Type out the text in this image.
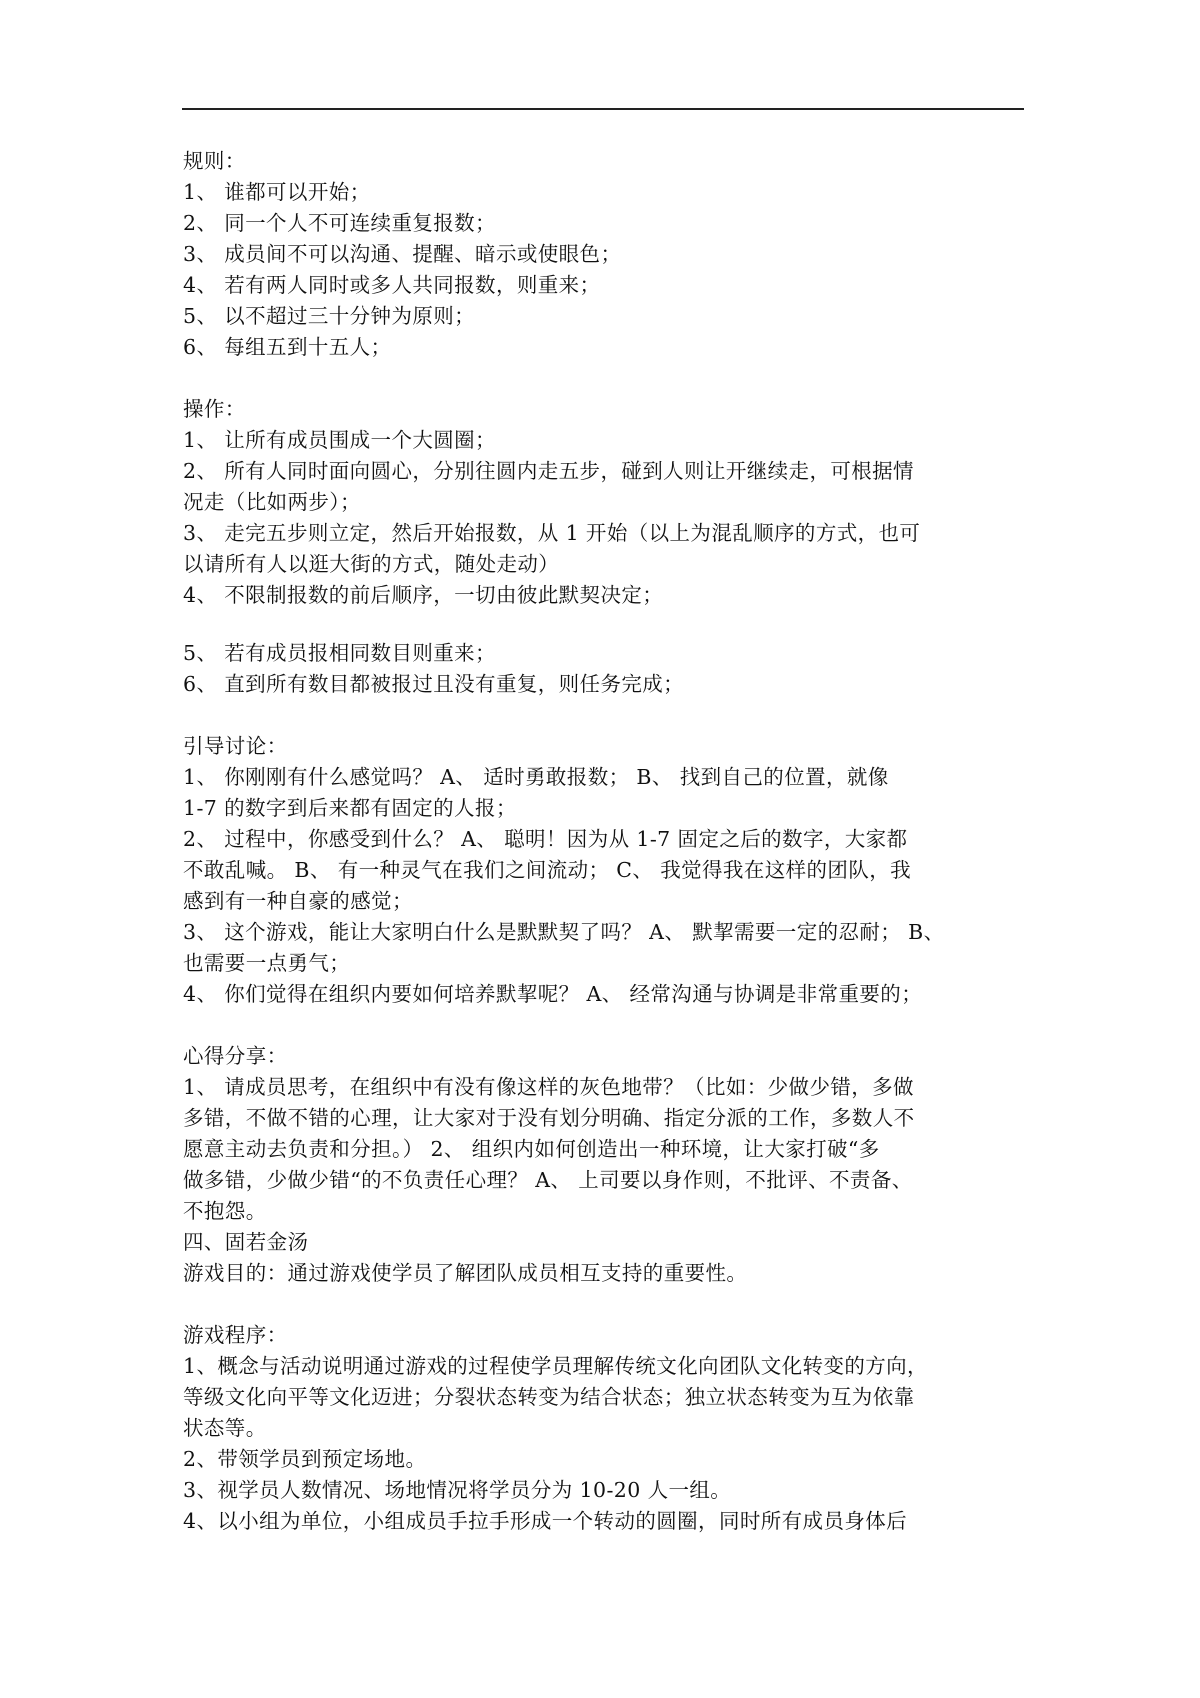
规则：
1、 谁都可以开始；
2、 同一个人不可连续重复报数；
3、 成员间不可以沟通、提醒、暗示或使眼色；
4、 若有两人同时或多人共同报数，则重来；
5、 以不超过三十分钟为原则；
6、 每组五到十五人；
操作：
1、 让所有成员围成一个大圆圈；
2、 所有人同时面向圆心，分别往圆内走五步，碰到人则让开继续走，可根据情
况走（比如两步）；
3、 走完五步则立定，然后开始报数，从 1 开始（以上为混乱顺序的方式，也可
以请所有人以逛大街的方式，随处走动）
4、 不限制报数的前后顺序，一切由彼此默契决定；
5、 若有成员报相同数目则重来；
6、 直到所有数目都被报过且没有重复，则任务完成；
引导讨论：
1、 你刚刚有什么感觉吗？ A、 适时勇敢报数； B、 找到自己的位置，就像
1-7 的数字到后来都有固定的人报；
2、 过程中，你感受到什么？ A、 聪明！因为从 1-7 固定之后的数字，大家都
不敢乱喊。 B、 有一种灵气在我们之间流动； C、 我觉得我在这样的团队，我
感到有一种自豪的感觉；
3、 这个游戏，能让大家明白什么是默默契了吗？ A、 默挈需要一定的忍耐； B、
也需要一点勇气；
4、 你们觉得在组织内要如何培养默挈呢？ A、 经常沟通与协调是非常重要的；
心得分享：
1、 请成员思考，在组织中有没有像这样的灰色地带？（比如：少做少错，多做
多错，不做不错的心理，让大家对于没有划分明确、指定分派的工作，多数人不
愿意主动去负责和分担。） 2、 组织内如何创造出一种环境，让大家打破“多
做多错，少做少错“的不负责任心理？ A、 上司要以身作则，不批评、不责备、
不抱怨。
四、固若金汤
游戏目的：通过游戏使学员了解团队成员相互支持的重要性。
游戏程序：
1、概念与活动说明通过游戏的过程使学员理解传统文化向团队文化转变的方向，
等级文化向平等文化迈进；分裂状态转变为结合状态；独立状态转变为互为依靠
状态等。
2、带领学员到预定场地。
3、视学员人数情况、场地情况将学员分为 10-20 人一组。
4、以小组为单位，小组成员手拉手形成一个转动的圆圈，同时所有成员身体后
